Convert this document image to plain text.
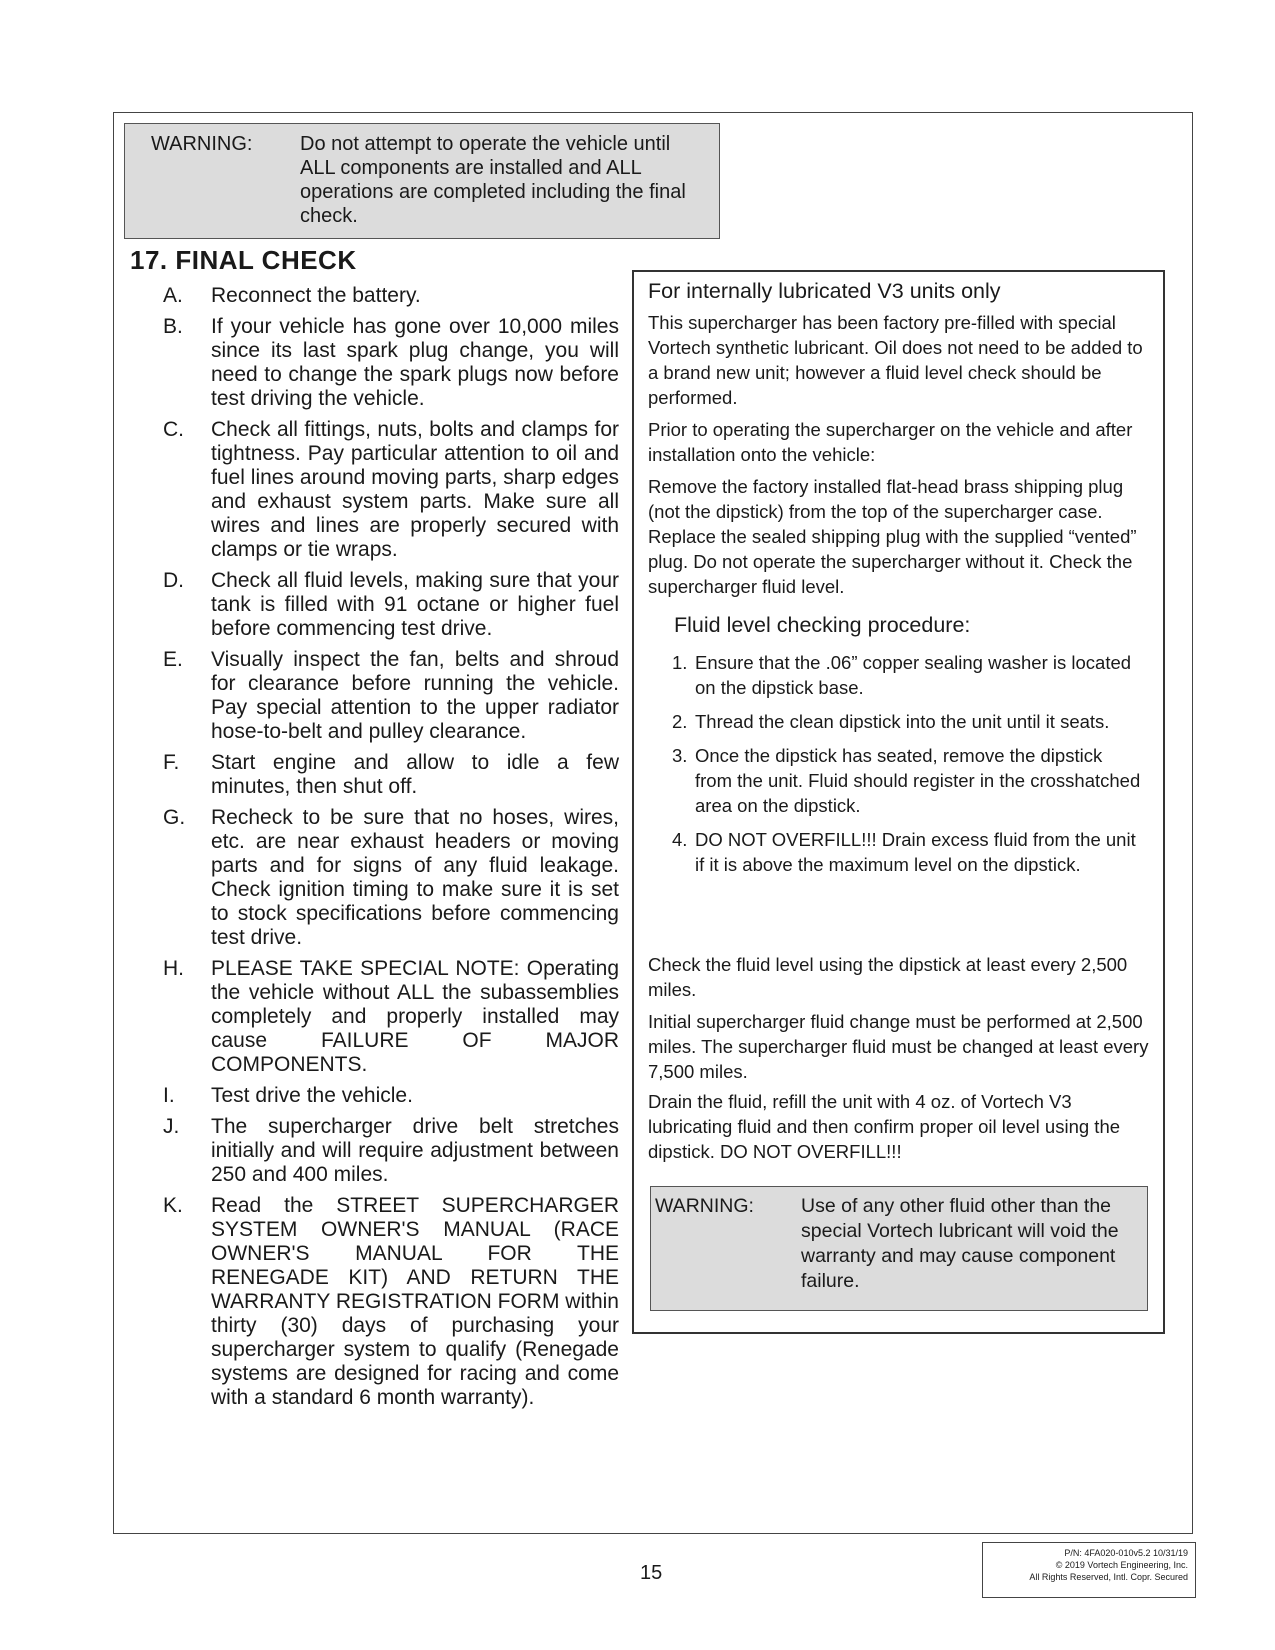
WARNING: Do not attempt to operate the vehicle until ALL components are installed and ALL operations are completed including the final check.
17. FINAL CHECK
A.	Reconnect the battery.
B.	If your vehicle has gone over 10,000 miles since its last spark plug change, you will need to change the spark plugs now before test driving the vehicle.
C.	Check all fittings, nuts, bolts and clamps for tightness. Pay particular attention to oil and fuel lines around moving parts, sharp edges and exhaust system parts. Make sure all wires and lines are properly secured with clamps or tie wraps.
D.	Check all fluid levels, making sure that your tank is filled with 91 octane or higher fuel before commencing test drive.
E.	Visually inspect the fan, belts and shroud for clearance before running the vehicle. Pay special attention to the upper radiator hose-to-belt and pulley clearance.
F.	Start engine and allow to idle a few minutes, then shut off.
G.	Recheck to be sure that no hoses, wires, etc. are near exhaust headers or moving parts and for signs of any fluid leakage. Check ignition timing to make sure it is set to stock specifications before commencing test drive.
H.	PLEASE TAKE SPECIAL NOTE: Operating the vehicle without ALL the subassemblies completely and properly installed may cause FAILURE OF MAJOR COMPONENTS.
I.	Test drive the vehicle.
J.	The supercharger drive belt stretches initially and will require adjustment between 250 and 400 miles.
K.	Read the STREET SUPERCHARGER SYSTEM OWNER'S MANUAL (RACE OWNER'S MANUAL FOR THE RENEGADE KIT) AND RETURN THE WARRANTY REGISTRATION FORM within thirty (30) days of purchasing your supercharger system to qualify (Renegade systems are designed for racing and come with a standard 6 month warranty).
For internally lubricated V3 units only

This supercharger has been factory pre-filled with special Vortech synthetic lubricant. Oil does not need to be added to a brand new unit; however a fluid level check should be performed.

Prior to operating the supercharger on the vehicle and after installation onto the vehicle:

Remove the factory installed flat-head brass shipping plug (not the dipstick) from the top of the supercharger case. Replace the sealed shipping plug with the supplied “vented” plug. Do not operate the supercharger without it. Check the supercharger fluid level.

Fluid level checking procedure:
1. Ensure that the .06” copper sealing washer is located on the dipstick base.
2. Thread the clean dipstick into the unit until it seats.
3. Once the dipstick has seated, remove the dipstick from the unit. Fluid should register in the crosshatched area on the dipstick.
4. DO NOT OVERFILL!!! Drain excess fluid from the unit if it is above the maximum level on the dipstick.

Check the fluid level using the dipstick at least every 2,500 miles.

Initial supercharger fluid change must be performed at 2,500 miles. The supercharger fluid must be changed at least every 7,500 miles.

Drain the fluid, refill the unit with 4 oz. of Vortech V3 lubricating fluid and then confirm proper oil level using the dipstick. DO NOT OVERFILL!!!

WARNING: Use of any other fluid other than the special Vortech lubricant will void the warranty and may cause component failure.
15
P/N: 4FA020-010v5.2 10/31/19
© 2019 Vortech Engineering, Inc.
All Rights Reserved, Intl. Copr. Secured
